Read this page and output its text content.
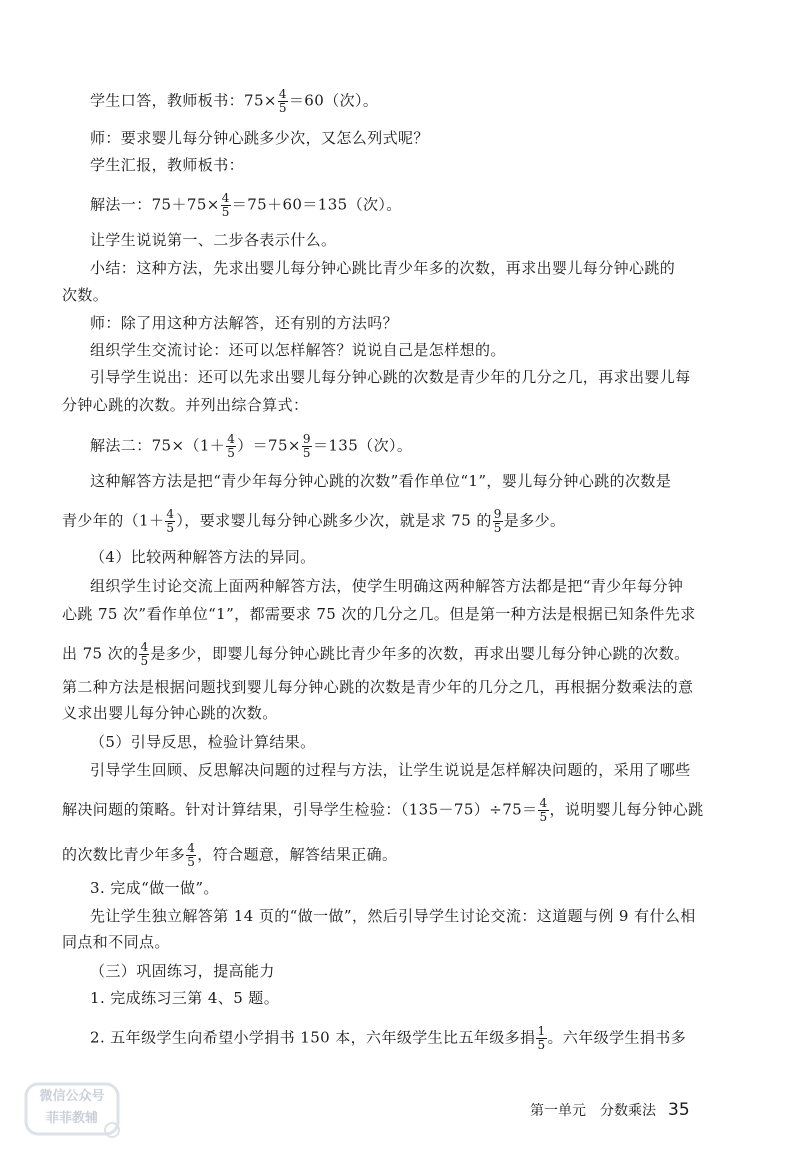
学生口答，教师板书：$75\times \frac{4}{5} =60$（次）。
师：要求婴儿每分钟心跳多少次，又怎么列式呢？
学生汇报，教师板书：
解法一：$75+75\times \frac{4}{5} =75+60=135$（次）。
让学生说说第一、二步各表示什么。
小结：这种方法，先求出婴儿每分钟心跳比青少年多的次数，再求出婴儿每分钟心跳的
次数。
师：除了用这种方法解答，还有别的方法吗？
组织学生交流讨论：还可以怎样解答？说说自己是怎样想的。
引导学生说出：还可以先求出婴儿每分钟心跳的次数是青少年的几分之几，再求出婴儿每
分钟心跳的次数。并列出综合算式：
解法二：$75\times(1+ \frac{4}{5} )=75\times \frac{9}{5} =135$（次）。
这种解答方法是把“青少年每分钟心跳的次数”看作单位“1”，婴儿每分钟心跳的次数是
青少年的（$1+ \frac{4}{5}$ ），要求婴儿每分钟心跳多少次，就是求 75 的 $\frac{9}{5}$ 是多少。
（4）比较两种解答方法的异同。
组织学生讨论交流上面两种解答方法，使学生明确这两种解答方法都是把“青少年每分钟
心跳 75 次”看作单位“1”，都需要求 75 次的几分之几。但是第一种方法是根据已知条件先求
出 75 次的 $\frac{4}{5}$ 是多少，即婴儿每分钟心跳比青少年多的次数，再求出婴儿每分钟心跳的次数。
第二种方法是根据问题找到婴儿每分钟心跳的次数是青少年的几分之几，再根据分数乘法的意
义求出婴儿每分钟心跳的次数。
（5）引导反思，检验计算结果。
引导学生回顾、反思解决问题的过程与方法，让学生说说是怎样解决问题的，采用了哪些
解决问题的策略。针对计算结果，引导学生检验：$(135-75)\div 75= \frac{4}{5}$ ，说明婴儿每分钟心跳
的次数比青少年多 $\frac{4}{5}$ ，符合题意，解答结果正确。
3. 完成“做一做”。
先让学生独立解答第 14 页的“做一做”，然后引导学生讨论交流：这道题与例 9 有什么相
同点和不同点。
（三）巩固练习，提高能力
1. 完成练习三第 4、5 题。
2. 五年级学生向希望小学捐书 150 本，六年级学生比五年级多捐 $\frac{1}{5}$ 。六年级学生捐书多
第一单元　分数乘法 35
微信公众号
菲菲教辅
